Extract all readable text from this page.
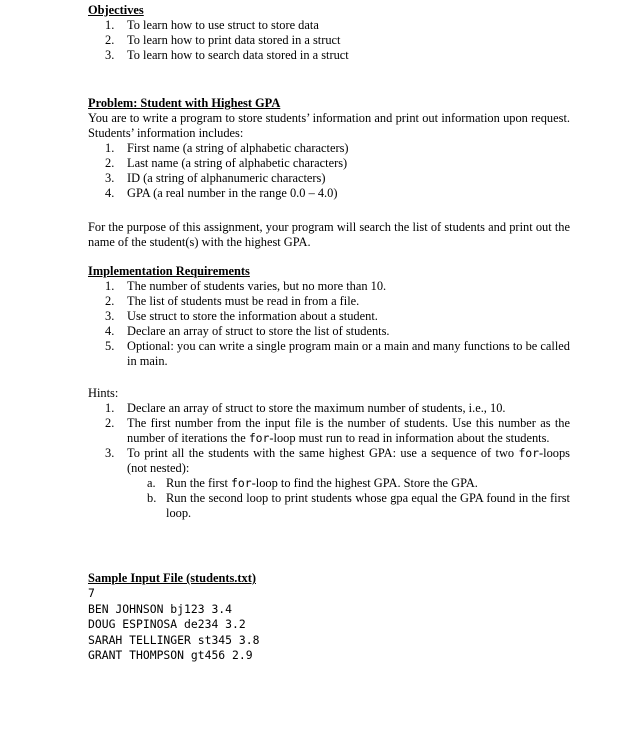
Objectives
1. To learn how to use struct to store data
2. To learn how to print data stored in a struct
3. To learn how to search data stored in a struct
Problem: Student with Highest GPA

You are to write a program to store students’ information and print out information upon request. Students’ information includes:

1. First name (a string of alphabetic characters)
2. Last name (a string of alphabetic characters)
3. ID (a string of alphanumeric characters)
4. GPA (a real number in the range 0.0 – 4.0)

For the purpose of this assignment, your program will search the list of students and print out the name of the student(s) with the highest GPA.

Implementation Requirements
1. The number of students varies, but no more than 10.
2. The list of students must be read in from a file.
3. Use struct to store the information about a student.
4. Declare an array of struct to store the list of students.
5. Optional: you can write a single program main or a main and many functions to be called in main.
Hints:
1. Declare an array of struct to store the maximum number of students, i.e., 10.
2. The first number from the input file is the number of students. Use this number as the number of iterations the for-loop must run to read in information about the students.
3. To print all the students with the same highest GPA: use a sequence of two for-loops (not nested):
a. Run the first for-loop to find the highest GPA. Store the GPA.
b. Run the second loop to print students whose gpa equal the GPA found in the first loop.
Sample Input File (students.txt)
7
BEN JOHNSON bj123 3.4
DOUG ESPINOSA de234 3.2
SARAH TELLINGER st345 3.8
GRANT THOMPSON gt456 2.9
